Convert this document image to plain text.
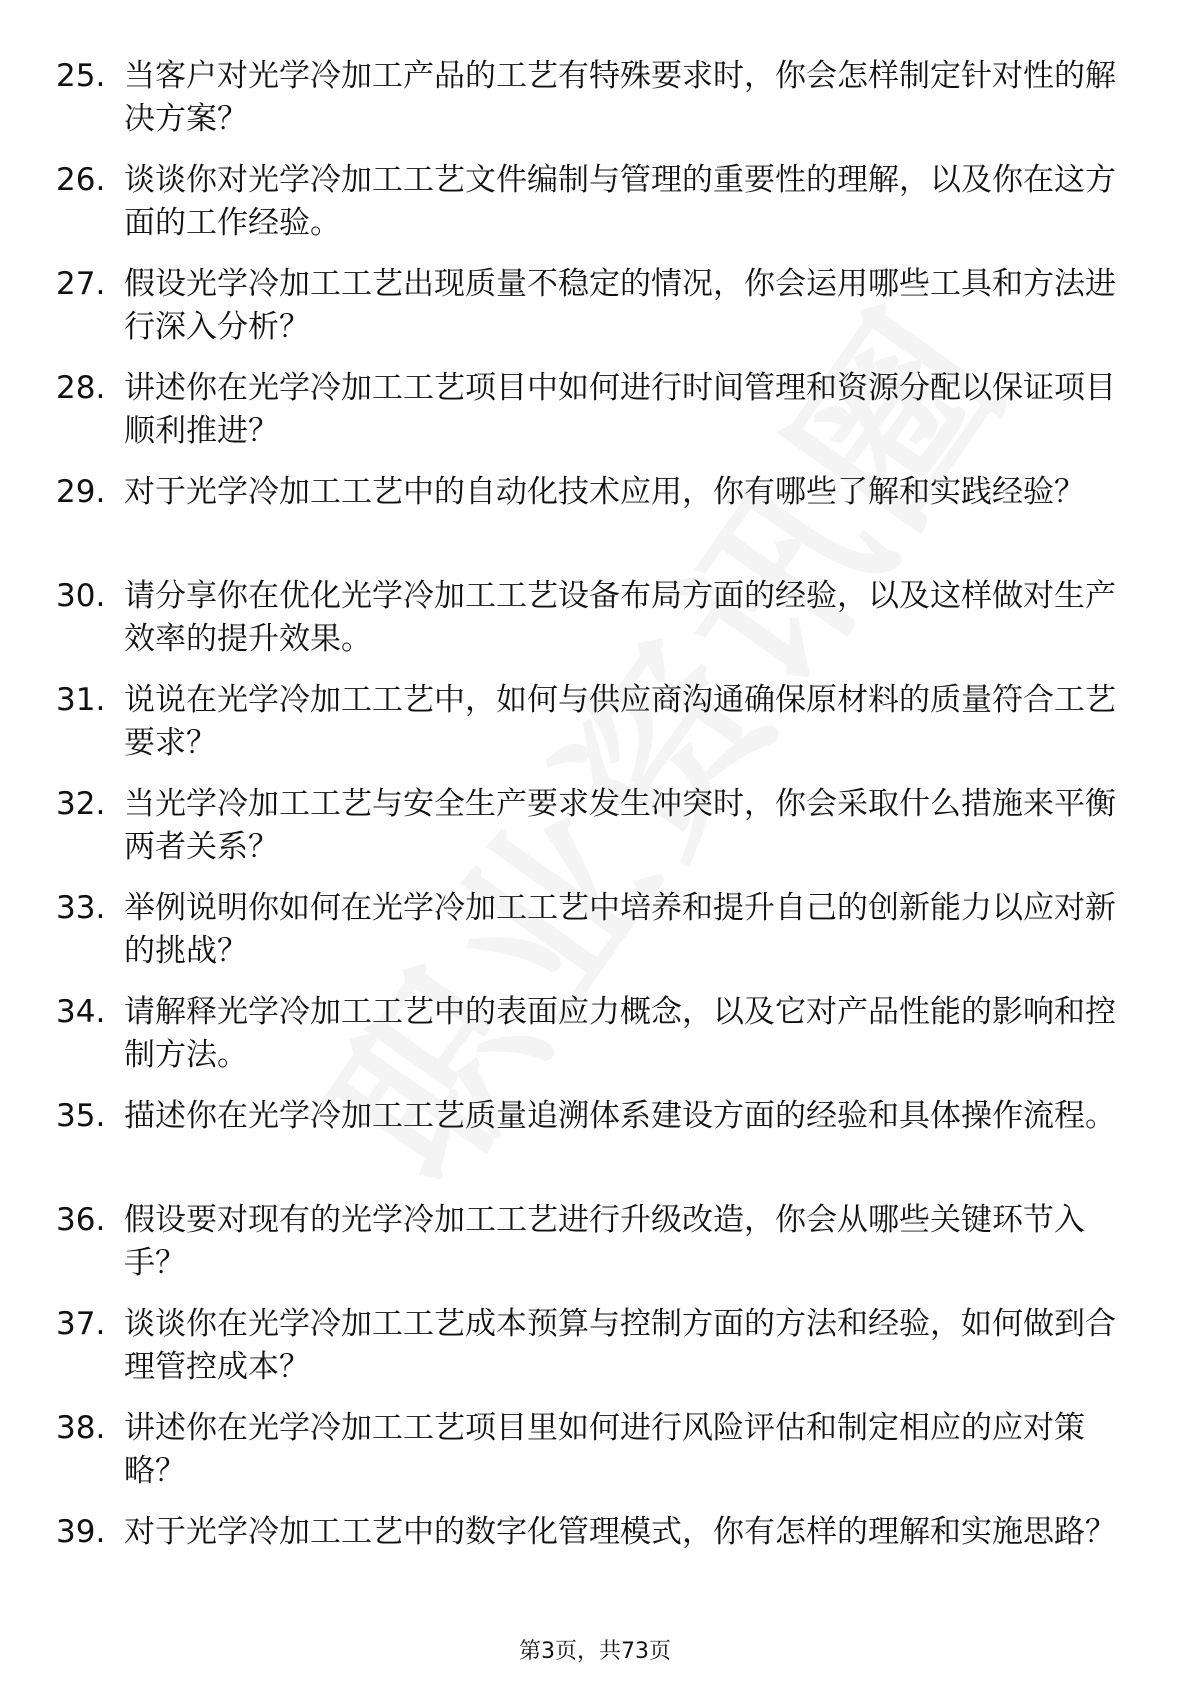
25. 当客户对光学冷加工产品的工艺有特殊要求时，你会怎样制定针对性的解决方案？
26. 谈谈你对光学冷加工工艺文件编制与管理的重要性的理解，以及你在这方面的工作经验。
27. 假设光学冷加工工艺出现质量不稳定的情况，你会运用哪些工具和方法进行深入分析？
28. 讲述你在光学冷加工工艺项目中如何进行时间管理和资源分配以保证项目顺利推进？
29. 对于光学冷加工工艺中的自动化技术应用，你有哪些了解和实践经验？
30. 请分享你在优化光学冷加工工艺设备布局方面的经验，以及这样做对生产效率的提升效果。
31. 说说在光学冷加工工艺中，如何与供应商沟通确保原材料的质量符合工艺要求？
32. 当光学冷加工工艺与安全生产要求发生冲突时，你会采取什么措施来平衡两者关系？
33. 举例说明你如何在光学冷加工工艺中培养和提升自己的创新能力以应对新的挑战？
34. 请解释光学冷加工工艺中的表面应力概念，以及它对产品性能的影响和控制方法。
35. 描述你在光学冷加工工艺质量追溯体系建设方面的经验和具体操作流程。
36. 假设要对现有的光学冷加工工艺进行升级改造，你会从哪些关键环节入手？
37. 谈谈你在光学冷加工工艺成本预算与控制方面的方法和经验，如何做到合理管控成本？
38. 讲述你在光学冷加工工艺项目里如何进行风险评估和制定相应的应对策略？
39. 对于光学冷加工工艺中的数字化管理模式，你有怎样的理解和实施思路？
第3页，共73页
